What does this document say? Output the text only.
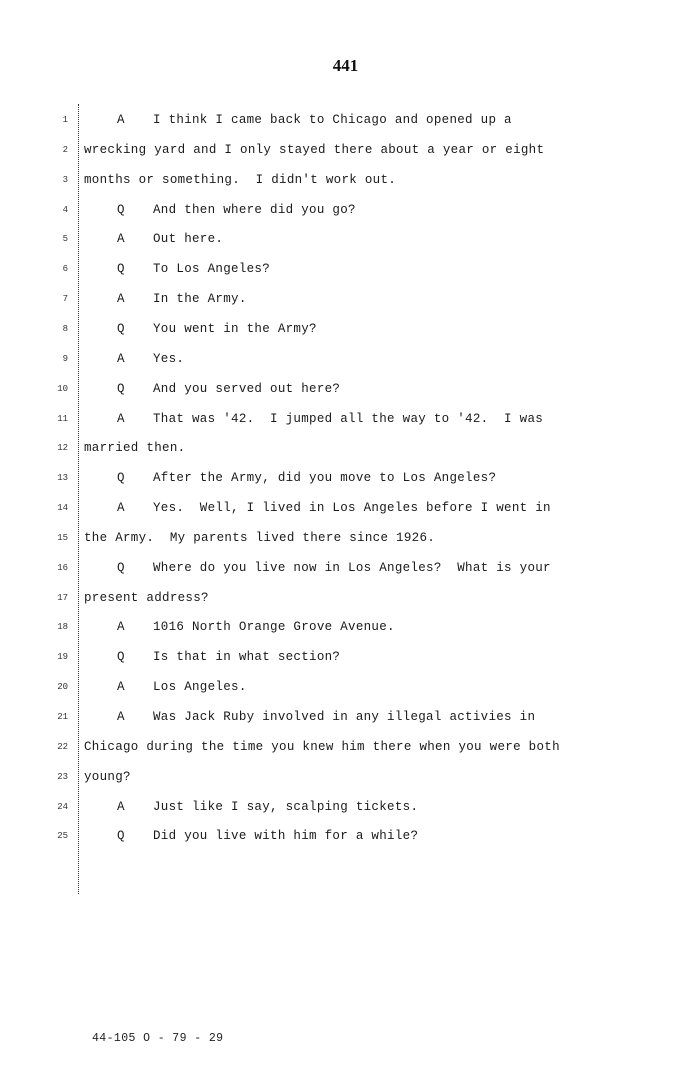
441
1
2
3
4
5
6
7
8
9
10
11
12
13
14
15
16
17
18
19
20
21
22
23
24
25
A I think I came back to Chicago and opened up a
wrecking yard and I only stayed there about a year or eight
months or something.  I didn't work out.
Q And then where did you go?
A Out here.
Q To Los Angeles?
A In the Army.
Q You went in the Army?
A Yes.
Q And you served out here?
A That was '42.  I jumped all the way to '42.  I was
married then.
Q After the Army, did you move to Los Angeles?
A Yes.  Well, I lived in Los Angeles before I went in
the Army.  My parents lived there since 1926.
Q Where do you live now in Los Angeles?  What is your
present address?
A 1016 North Orange Grove Avenue.
Q Is that in what section?
A Los Angeles.
A Was Jack Ruby involved in any illegal activies in
Chicago during the time you knew him there when you were both
young?
A Just like I say, scalping tickets.
Q Did you live with him for a while?
44-105 O - 79 - 29
